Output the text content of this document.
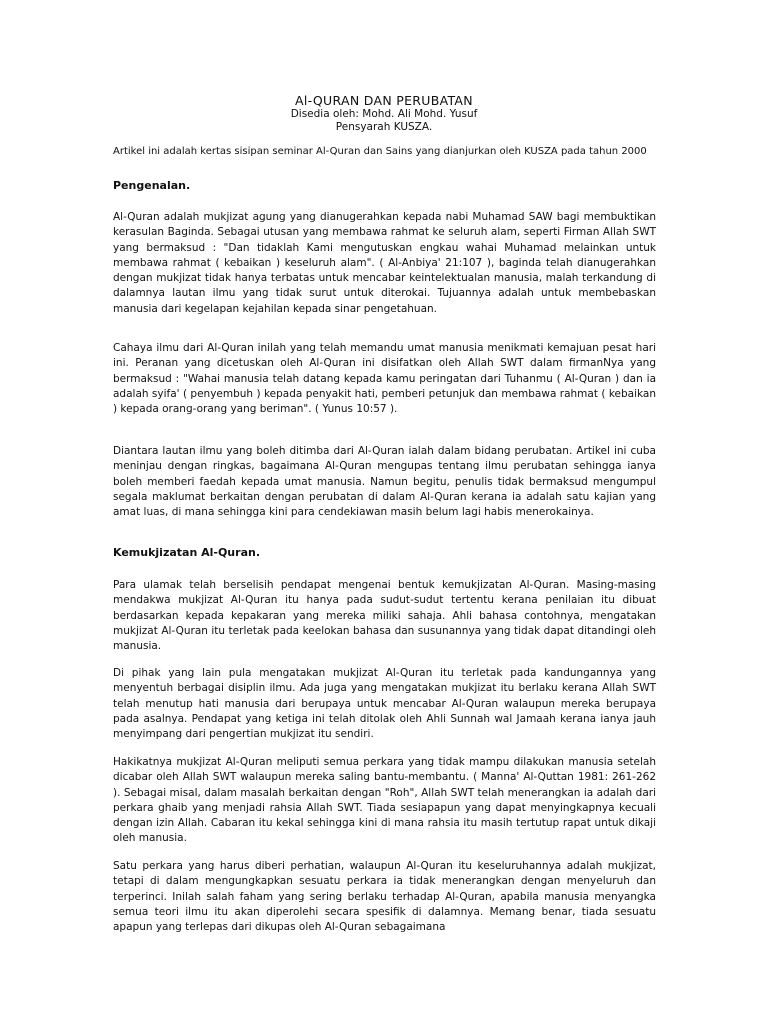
Al-QURAN DAN PERUBATAN
Disedia oleh: Mohd. Ali Mohd. Yusuf
Pensyarah KUSZA.
Artikel ini adalah kertas sisipan seminar Al-Quran dan Sains yang dianjurkan oleh KUSZA pada tahun 2000
Pengenalan.

Al-Quran adalah mukjizat agung yang dianugerahkan kepada nabi Muhamad SAW bagi membuktikan kerasulan Baginda. Sebagai utusan yang membawa rahmat ke seluruh alam, seperti Firman Allah SWT yang bermaksud : "Dan tidaklah Kami mengutuskan engkau wahai Muhamad melainkan untuk membawa rahmat ( kebaikan ) keseluruh alam". ( Al-Anbiya' 21:107 ), baginda telah dianugerahkan dengan mukjizat tidak hanya terbatas untuk mencabar keintelektualan manusia, malah terkandung di dalamnya lautan ilmu yang tidak surut untuk diterokai. Tujuannya adalah untuk membebaskan manusia dari kegelapan kejahilan kepada sinar pengetahuan.

Cahaya ilmu dari Al-Quran inilah yang telah memandu umat manusia menikmati kemajuan pesat hari ini. Peranan yang dicetuskan oleh Al-Quran ini disifatkan oleh Allah SWT dalam firmanNya yang bermaksud : "Wahai manusia telah datang kepada kamu peringatan dari Tuhanmu ( Al-Quran ) dan ia adalah syifa' ( penyembuh ) kepada penyakit hati, pemberi petunjuk dan membawa rahmat ( kebaikan ) kepada orang-orang yang beriman". ( Yunus 10:57 ).

Diantara lautan ilmu yang boleh ditimba dari Al-Quran ialah dalam bidang perubatan. Artikel ini cuba meninjau dengan ringkas, bagaimana Al-Quran mengupas tentang ilmu perubatan sehingga ianya boleh memberi faedah kepada umat manusia. Namun begitu, penulis tidak bermaksud mengumpul segala maklumat berkaitan dengan perubatan di dalam Al-Quran kerana ia adalah satu kajian yang amat luas, di mana sehingga kini para cendekiawan masih belum lagi habis menerokainya.

Kemukjizatan Al-Quran.

Para ulamak telah berselisih pendapat mengenai bentuk kemukjizatan Al-Quran. Masing-masing mendakwa mukjizat Al-Quran itu hanya pada sudut-sudut tertentu kerana penilaian itu dibuat berdasarkan kepada kepakaran yang mereka miliki sahaja. Ahli bahasa contohnya, mengatakan mukjizat Al-Quran itu terletak pada keelokan bahasa dan susunannya yang tidak dapat ditandingi oleh manusia.

Di pihak yang lain pula mengatakan mukjizat Al-Quran itu terletak pada kandungannya yang menyentuh berbagai disiplin ilmu. Ada juga yang mengatakan mukjizat itu berlaku kerana Allah SWT telah menutup hati manusia dari berupaya untuk mencabar Al-Quran walaupun mereka berupaya pada asalnya. Pendapat yang ketiga ini telah ditolak oleh Ahli Sunnah wal Jamaah kerana ianya jauh menyimpang dari pengertian mukjizat itu sendiri.

Hakikatnya mukjizat Al-Quran meliputi semua perkara yang tidak mampu dilakukan manusia setelah dicabar oleh Allah SWT walaupun mereka saling bantu-membantu. ( Manna' Al-Quttan 1981: 261-262 ). Sebagai misal, dalam masalah berkaitan dengan "Roh", Allah SWT telah menerangkan ia adalah dari perkara ghaib yang menjadi rahsia Allah SWT. Tiada sesiapapun yang dapat menyingkapnya kecuali dengan izin Allah. Cabaran itu kekal sehingga kini di mana rahsia itu masih tertutup rapat untuk dikaji oleh manusia.

Satu perkara yang harus diberi perhatian, walaupun Al-Quran itu keseluruhannya adalah mukjizat, tetapi di dalam mengungkapkan sesuatu perkara ia tidak menerangkan dengan menyeluruh dan terperinci. Inilah salah faham yang sering berlaku terhadap Al-Quran, apabila manusia menyangka semua teori ilmu itu akan diperolehi secara spesifik di dalamnya. Memang benar, tiada sesuatu apapun yang terlepas dari dikupas oleh Al-Quran sebagaimana
